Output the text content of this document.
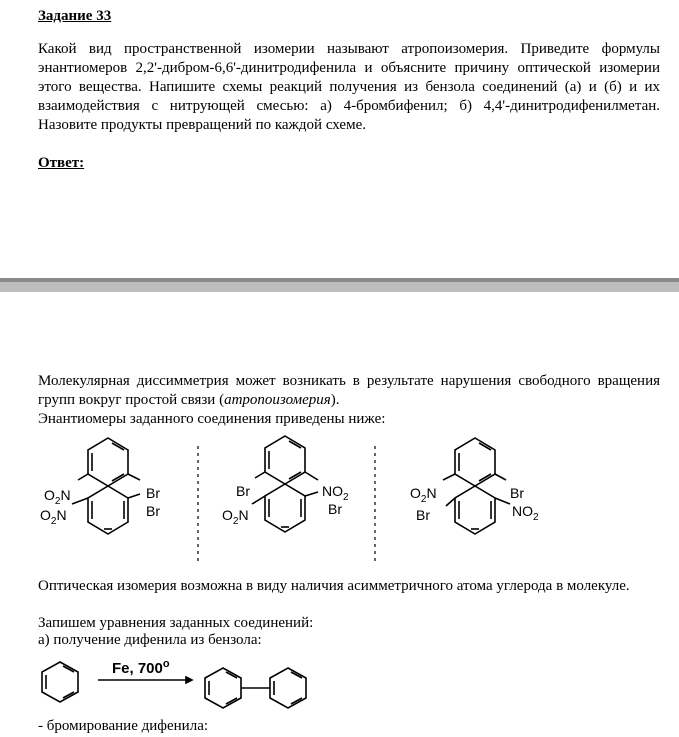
Задание 33
Какой вид пространственной изомерии называют атропоизомерия. Приведите формулы энантиомеров 2,2'-дибром-6,6'-динитродифенила и объясните причину оптической изомерии этого вещества. Напишите схемы реакций получения из бензола соединений (а) и (б) и их взаимодействия с нитрующей смесью: а) 4-бромбифенил; б) 4,4'-динитродифенилметан. Назовите продукты превращений по каждой схеме.
Ответ:
Молекулярная диссимметрия может возникать в результате нарушения свободного вращения групп вокруг простой связи (атропоизомерия).
Энантиомеры заданного соединения приведены ниже:
$O_2N$
$O_2N$
Br
Br
Br	$NO_2$
$O_2N$	Br
$O_2N$	Br
Br	$NO_2$
Оптическая изомерия возможна в виду наличия асимметричного атома углерода в молекуле.
Запишем уравнения заданных соединений:
а) получение дифенила из бензола:
Fe, 700$^o$
- бромирование дифенила:
